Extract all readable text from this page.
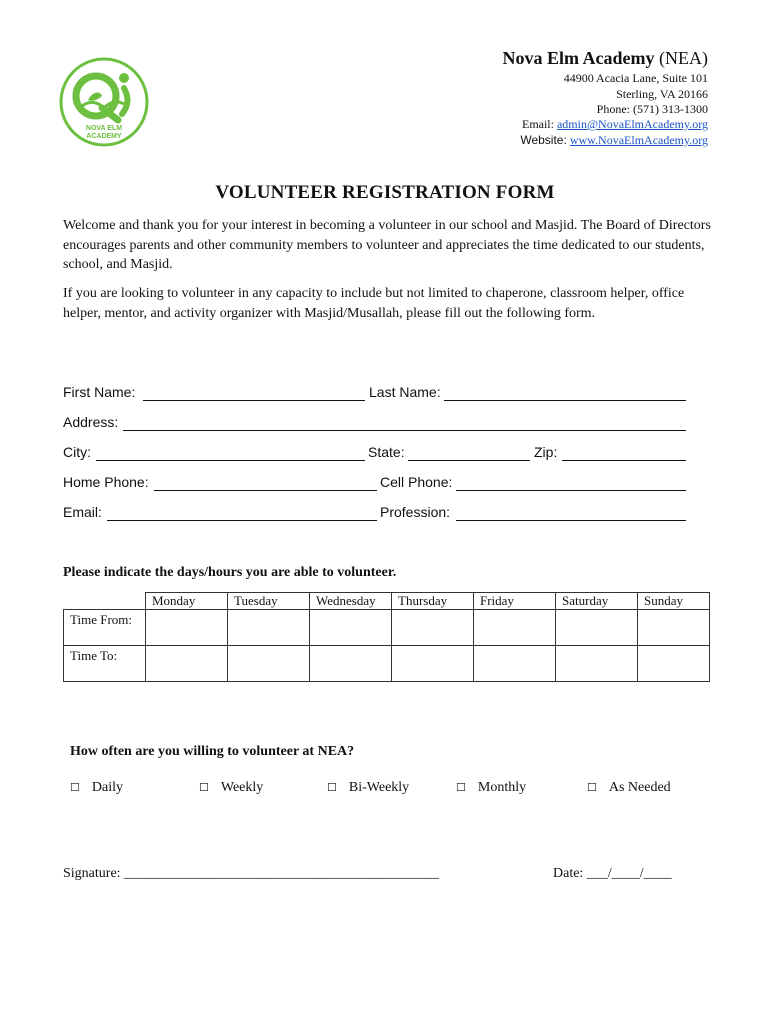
NOVA ELM
ACADEMY
Nova Elm Academy (NEA)
44900 Acacia Lane, Suite 101
Sterling, VA 20166
Phone: (571) 313-1300
Email: admin@NovaElmAcademy.org
Website: www.NovaElmAcademy.org
VOLUNTEER REGISTRATION FORM
Welcome and thank you for your interest in becoming a volunteer in our school and Masjid. The Board of Directors encourages parents and other community members to volunteer and appreciates the time dedicated to our students, school, and Masjid.
If you are looking to volunteer in any capacity to include but not limited to chaperone, classroom helper, office helper, mentor, and activity organizer with Masjid/Musallah, please fill out the following form.
First Name:	Last Name:
Address:
City:	State:	Zip:
Home Phone:	Cell Phone:
Email:	Profession:
Please indicate the days/hours you are able to volunteer.
	Monday	Tuesday	Wednesday	Thursday	Friday	Saturday	Sunday
Time From:							
Time To:							
How often are you willing to volunteer at NEA?
☐ Daily	☐ Weekly	☐ Bi-Weekly	☐ Monthly	☐ As Needed
Signature: _____________________________________________	Date: ___/____/____
